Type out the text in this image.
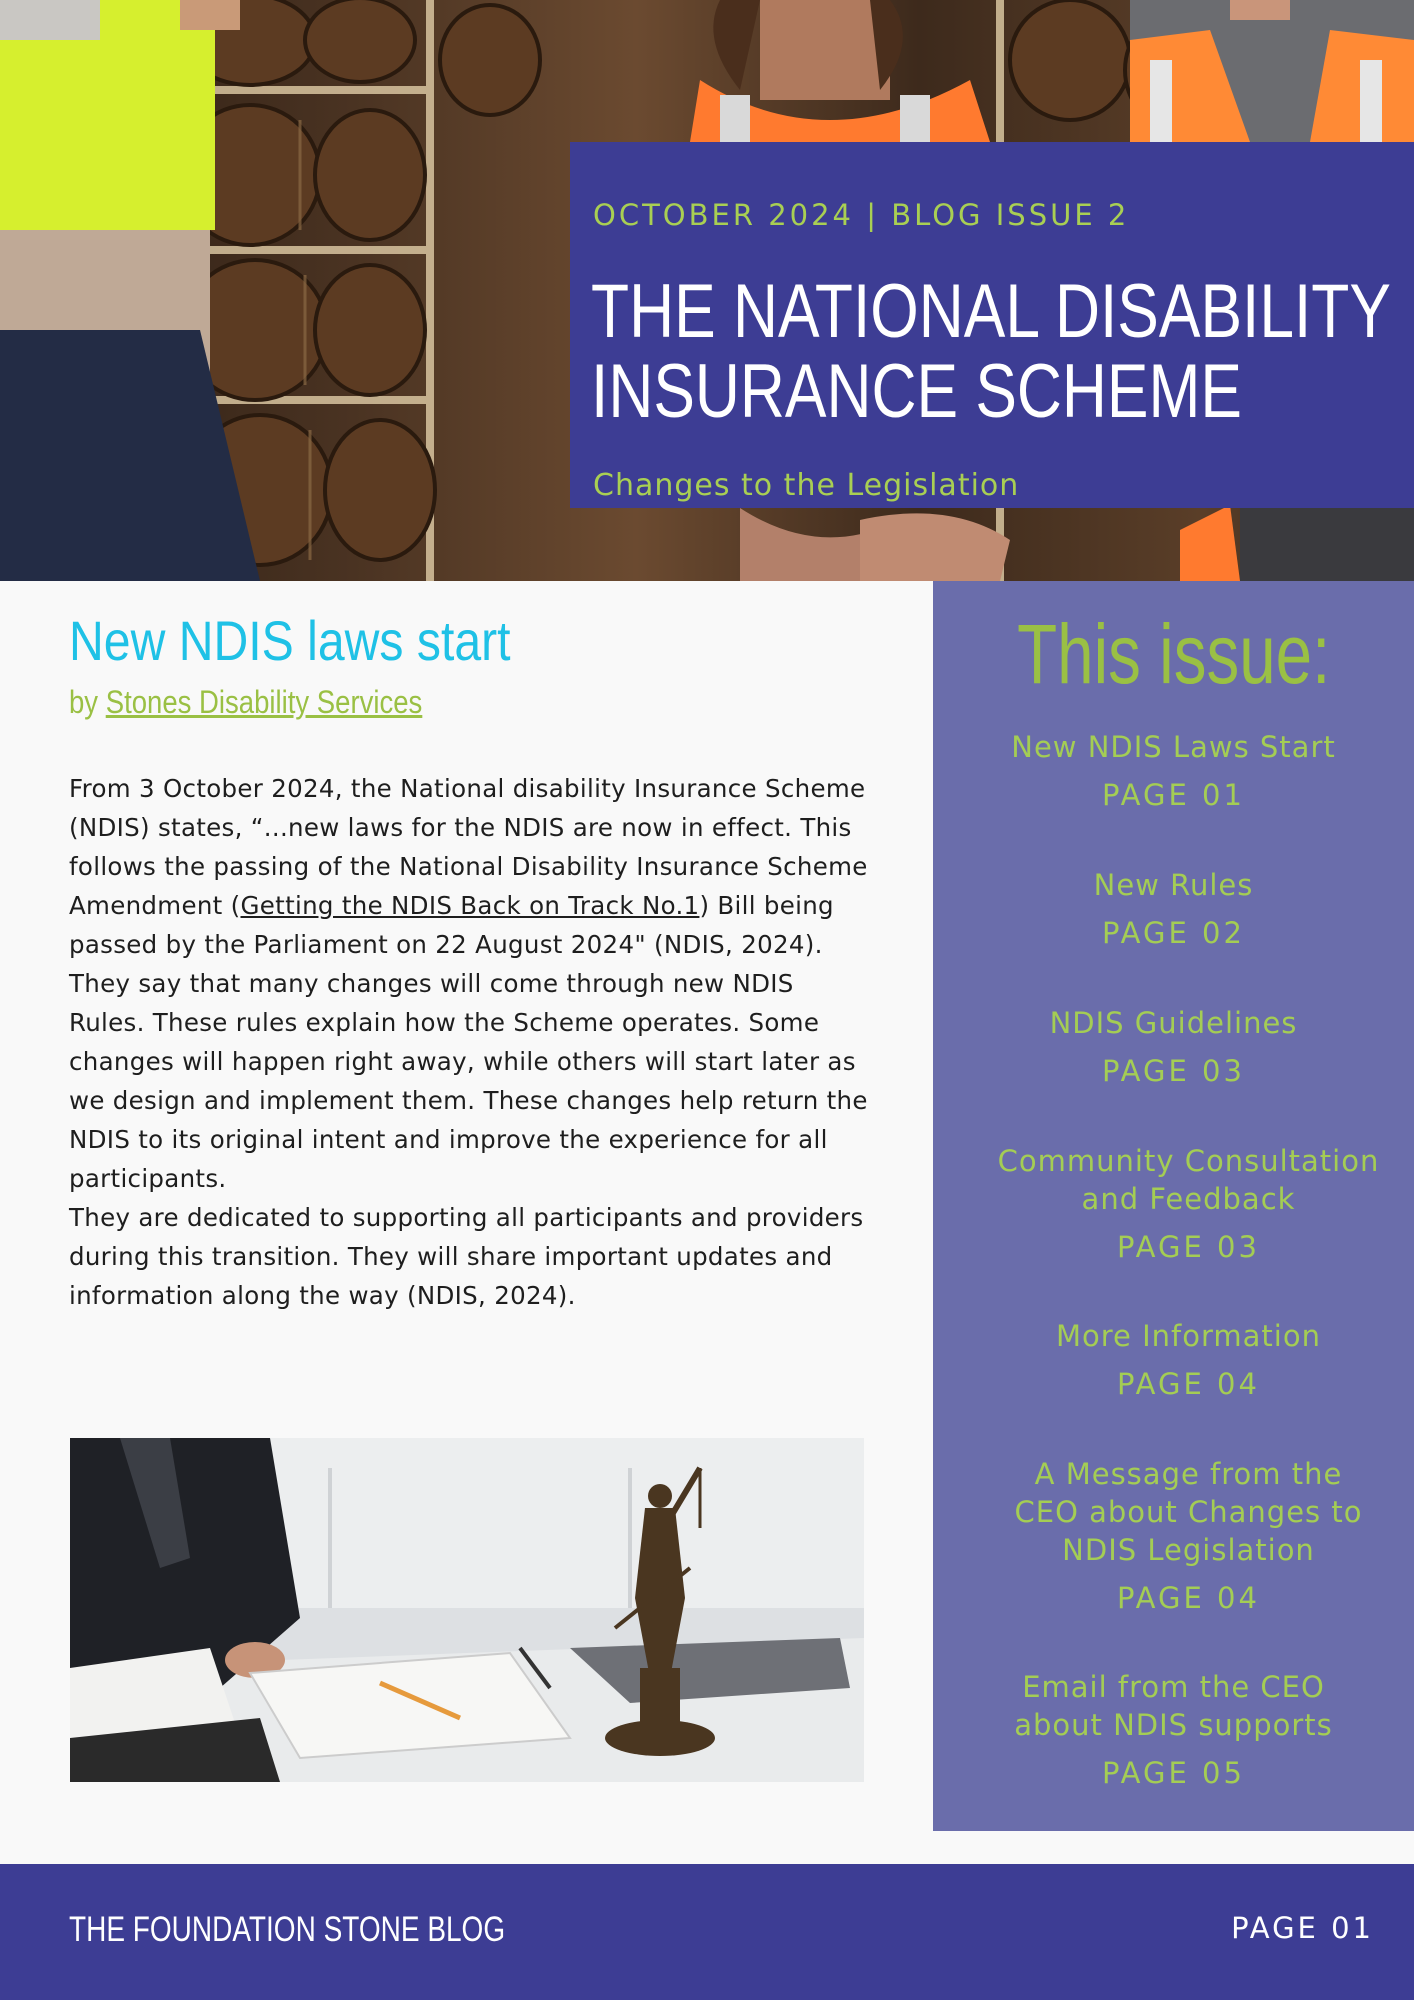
OCTOBER 2024 | BLOG ISSUE 2
THE NATIONAL DISABILITY
INSURANCE SCHEME
Changes to the Legislation
New NDIS laws start
by Stones Disability Services

From 3 October 2024, the National disability Insurance Scheme (NDIS) states, “...new laws for the NDIS are now in effect. This follows the passing of the National Disability Insurance Scheme Amendment (Getting the NDIS Back on Track No.1) Bill being passed by the Parliament on 22 August 2024" (NDIS, 2024).

They say that many changes will come through new NDIS Rules. These rules explain how the Scheme operates. Some changes will happen right away, while others will start later as we design and implement them. These changes help return the NDIS to its original intent and improve the experience for all participants.

They are dedicated to supporting all participants and providers during this transition. They will share important updates and information along the way (NDIS, 2024).

This issue:
New NDIS Laws Start
PAGE 01
New Rules
PAGE 02
NDIS Guidelines
PAGE 03
Community Consultation
and Feedback
PAGE 03
More Information
PAGE 04
A Message from the
CEO about Changes to
NDIS Legislation
PAGE 04
Email from the CEO
about NDIS supports
PAGE 05
THE FOUNDATION STONE BLOG	PAGE 01
